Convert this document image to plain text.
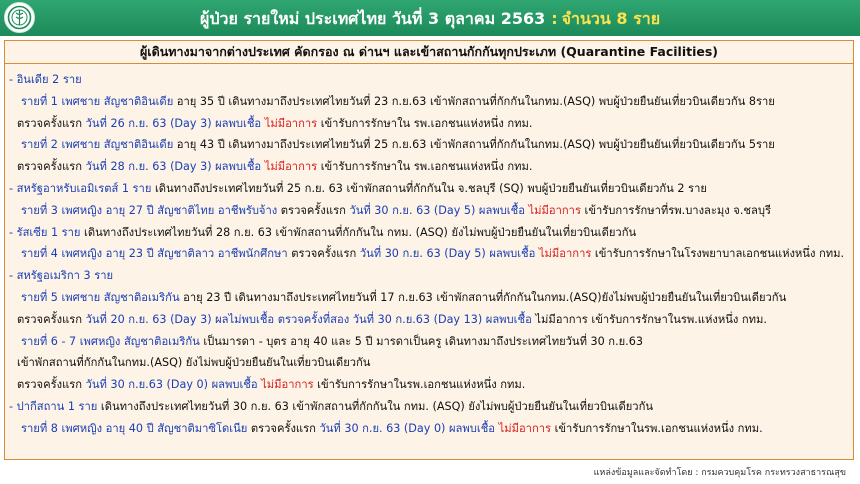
ผู้ป่วย รายใหม่ ประเทศไทย วันที่ 3 ตุลาคม 2563 : จำนวน 8 ราย
ผู้เดินทางมาจากต่างประเทศ คัดกรอง ณ ด่านฯ และเข้าสถานกักกันทุกประเภท (Quarantine Facilities)
- อินเดีย 2 ราย
รายที่ 1 เพศชาย สัญชาติอินเดีย อายุ 35 ปี เดินทางมาถึงประเทศไทยวันที่ 23 ก.ย.63 เข้าพักสถานที่กักกันในกทม.(ASQ) พบผู้ป่วยยืนยันเที่ยวบินเดียวกัน 8ราย
ตรวจครั้งแรก วันที่ 26 ก.ย. 63 (Day 3) ผลพบเชื้อ ไม่มีอาการ เข้ารับการรักษาใน รพ.เอกชนแห่งหนึ่ง กทม.
รายที่ 2 เพศชาย สัญชาติอินเดีย อายุ 43 ปี เดินทางมาถึงประเทศไทยวันที่ 25 ก.ย.63 เข้าพักสถานที่กักกันในกทม.(ASQ) พบผู้ป่วยยืนยันเที่ยวบินเดียวกัน 5ราย
ตรวจครั้งแรก วันที่ 28 ก.ย. 63 (Day 3) ผลพบเชื้อ ไม่มีอาการ เข้ารับการรักษาใน รพ.เอกชนแห่งหนึ่ง กทม.
- สหรัฐอาหรับเอมิเรตส์ 1 ราย เดินทางถึงประเทศไทยวันที่ 25 ก.ย. 63 เข้าพักสถานที่กักกันใน จ.ชลบุรี (SQ) พบผู้ป่วยยืนยันเที่ยวบินเดียวกัน 2 ราย
รายที่ 3 เพศหญิง อายุ 27 ปี สัญชาติไทย อาชีพรับจ้าง ตรวจครั้งแรก วันที่ 30 ก.ย. 63 (Day 5) ผลพบเชื้อ ไม่มีอาการ เข้ารับการรักษาที่รพ.บางละมุง จ.ชลบุรี
- รัสเซีย 1 ราย เดินทางถึงประเทศไทยวันที่ 28 ก.ย. 63 เข้าพักสถานที่กักกันใน กทม. (ASQ) ยังไม่พบผู้ป่วยยืนยันในเที่ยวบินเดียวกัน
รายที่ 4 เพศหญิง อายุ 23 ปี สัญชาติลาว อาชีพนักศึกษา ตรวจครั้งแรก วันที่ 30 ก.ย. 63 (Day 5) ผลพบเชื้อ ไม่มีอาการ เข้ารับการรักษาในโรงพยาบาลเอกชนแห่งหนึ่ง กทม.
- สหรัฐอเมริกา 3 ราย
รายที่ 5 เพศชาย สัญชาติอเมริกัน อายุ 23 ปี เดินทางมาถึงประเทศไทยวันที่ 17 ก.ย.63 เข้าพักสถานที่กักกันในกทม.(ASQ)ยังไม่พบผู้ป่วยยืนยันในเที่ยวบินเดียวกัน
ตรวจครั้งแรก วันที่ 20 ก.ย. 63 (Day 3) ผลไม่พบเชื้อ ตรวจครั้งที่สอง วันที่ 30 ก.ย.63 (Day 13) ผลพบเชื้อ ไม่มีอาการ เข้ารับการรักษาในรพ.แห่งหนึ่ง กทม.
รายที่ 6 - 7 เพศหญิง สัญชาติอเมริกัน เป็นมารดา - บุตร อายุ 40 และ 5 ปี มารดาเป็นครู เดินทางมาถึงประเทศไทยวันที่ 30 ก.ย.63
เข้าพักสถานที่กักกันในกทม.(ASQ) ยังไม่พบผู้ป่วยยืนยันในเที่ยวบินเดียวกัน
ตรวจครั้งแรก วันที่ 30 ก.ย.63 (Day 0) ผลพบเชื้อ ไม่มีอาการ เข้ารับการรักษาในรพ.เอกชนแห่งหนึ่ง กทม.
- ปากีสถาน 1 ราย เดินทางถึงประเทศไทยวันที่ 30 ก.ย. 63 เข้าพักสถานที่กักกันใน กทม. (ASQ) ยังไม่พบผู้ป่วยยืนยันในเที่ยวบินเดียวกัน
รายที่ 8 เพศหญิง อายุ 40 ปี สัญชาติมาซิโดเนีย ตรวจครั้งแรก วันที่ 30 ก.ย. 63 (Day 0) ผลพบเชื้อ ไม่มีอาการ เข้ารับการรักษาในรพ.เอกชนแห่งหนึ่ง กทม.
แหล่งข้อมูลและจัดทำโดย : กรมควบคุมโรค กระทรวงสาธารณสุข
